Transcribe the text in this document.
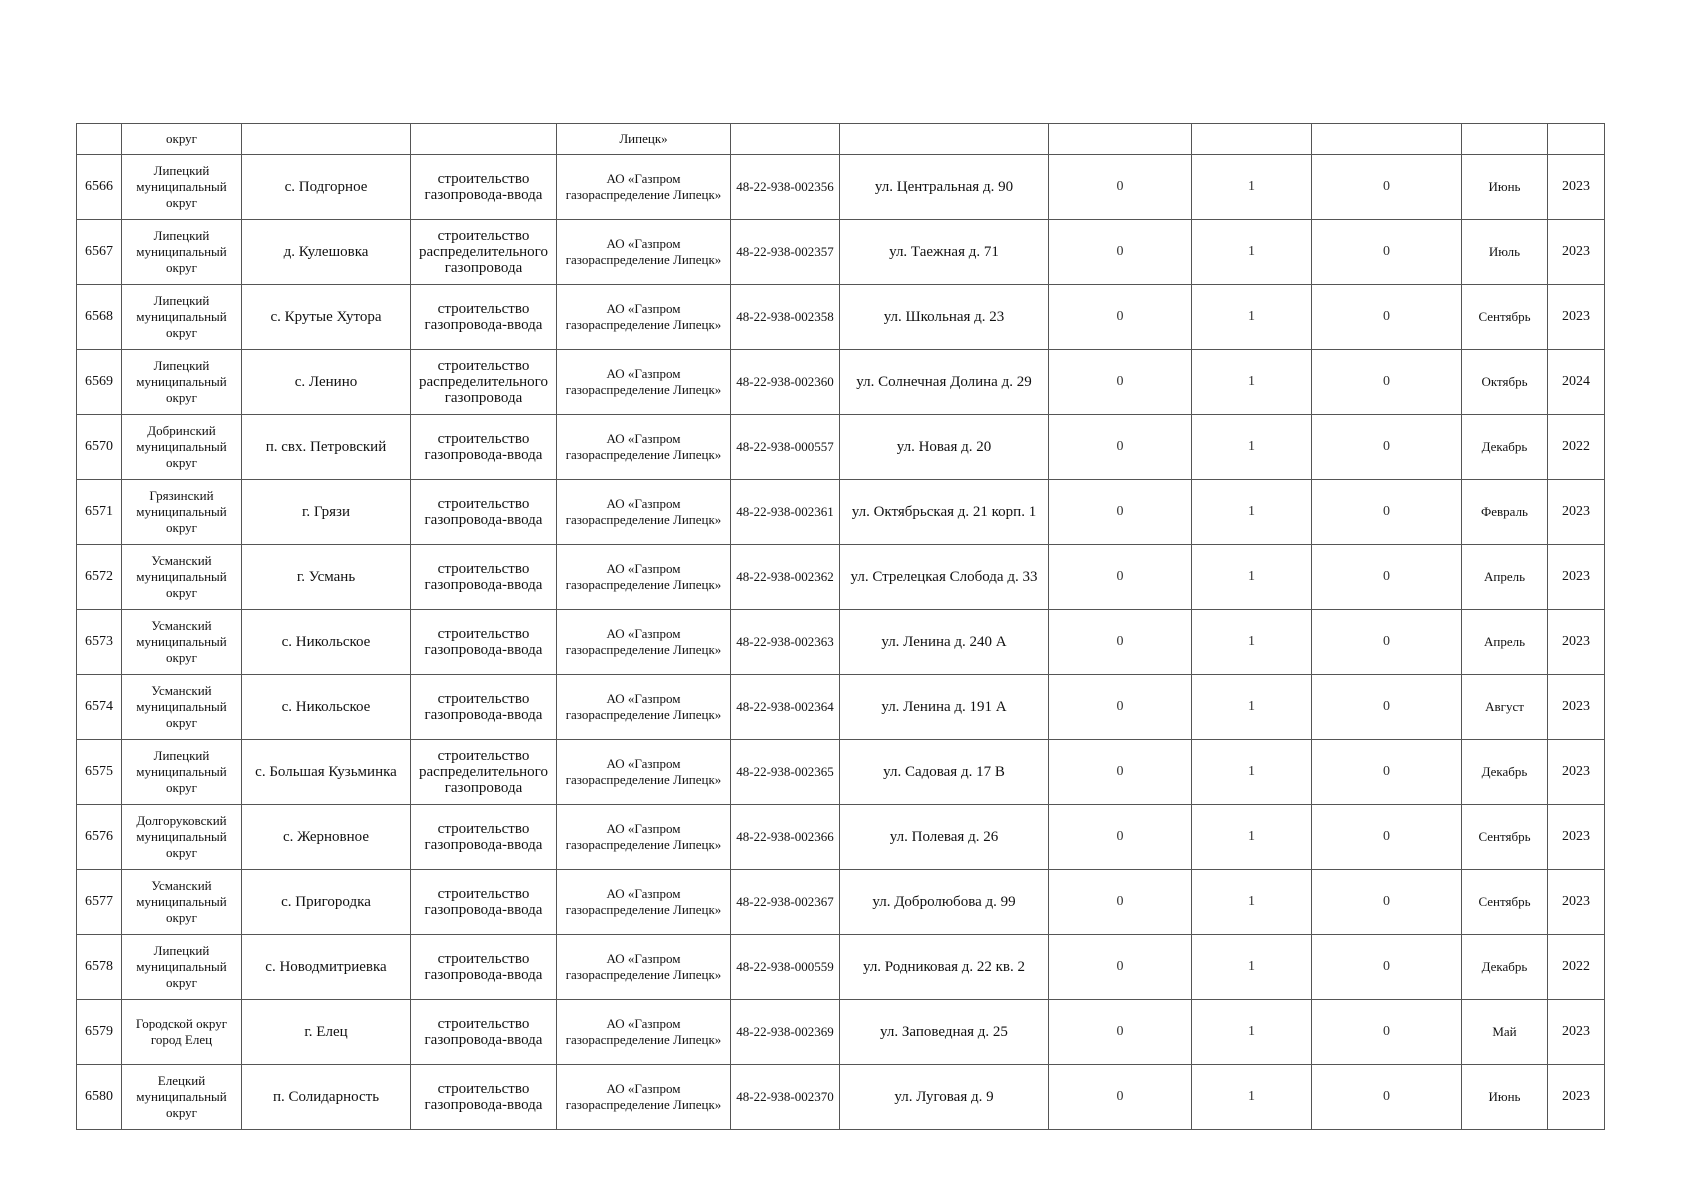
	округ			Липецк»							
6566	Липецкий муниципальный округ	с. Подгорное	строительство газопровода-ввода	АО «Газпром газораспределение Липецк»	48-22-938-002356	ул. Центральная д. 90	0	1	0	Июнь	2023
6567	Липецкий муниципальный округ	д. Кулешовка	строительство распределительного газопровода	АО «Газпром газораспределение Липецк»	48-22-938-002357	ул. Таежная д. 71	0	1	0	Июль	2023
6568	Липецкий муниципальный округ	с. Крутые Хутора	строительство газопровода-ввода	АО «Газпром газораспределение Липецк»	48-22-938-002358	ул. Школьная д. 23	0	1	0	Сентябрь	2023
6569	Липецкий муниципальный округ	с. Ленино	строительство распределительного газопровода	АО «Газпром газораспределение Липецк»	48-22-938-002360	ул. Солнечная Долина д. 29	0	1	0	Октябрь	2024
6570	Добринский муниципальный округ	п. свх. Петровский	строительство газопровода-ввода	АО «Газпром газораспределение Липецк»	48-22-938-000557	ул. Новая д. 20	0	1	0	Декабрь	2022
6571	Грязинский муниципальный округ	г. Грязи	строительство газопровода-ввода	АО «Газпром газораспределение Липецк»	48-22-938-002361	ул. Октябрьская д. 21 корп. 1	0	1	0	Февраль	2023
6572	Усманский муниципальный округ	г. Усмань	строительство газопровода-ввода	АО «Газпром газораспределение Липецк»	48-22-938-002362	ул. Стрелецкая Слобода д. 33	0	1	0	Апрель	2023
6573	Усманский муниципальный округ	с. Никольское	строительство газопровода-ввода	АО «Газпром газораспределение Липецк»	48-22-938-002363	ул. Ленина д. 240 А	0	1	0	Апрель	2023
6574	Усманский муниципальный округ	с. Никольское	строительство газопровода-ввода	АО «Газпром газораспределение Липецк»	48-22-938-002364	ул. Ленина д. 191 А	0	1	0	Август	2023
6575	Липецкий муниципальный округ	с. Большая Кузьминка	строительство распределительного газопровода	АО «Газпром газораспределение Липецк»	48-22-938-002365	ул. Садовая д. 17 В	0	1	0	Декабрь	2023
6576	Долгоруковский муниципальный округ	с. Жерновное	строительство газопровода-ввода	АО «Газпром газораспределение Липецк»	48-22-938-002366	ул. Полевая д. 26	0	1	0	Сентябрь	2023
6577	Усманский муниципальный округ	с. Пригородка	строительство газопровода-ввода	АО «Газпром газораспределение Липецк»	48-22-938-002367	ул. Добролюбова д. 99	0	1	0	Сентябрь	2023
6578	Липецкий муниципальный округ	с. Новодмитриевка	строительство газопровода-ввода	АО «Газпром газораспределение Липецк»	48-22-938-000559	ул. Родниковая д. 22 кв. 2	0	1	0	Декабрь	2022
6579	Городской округ город Елец	г. Елец	строительство газопровода-ввода	АО «Газпром газораспределение Липецк»	48-22-938-002369	ул. Заповедная д. 25	0	1	0	Май	2023
6580	Елецкий муниципальный округ	п. Солидарность	строительство газопровода-ввода	АО «Газпром газораспределение Липецк»	48-22-938-002370	ул. Луговая д. 9	0	1	0	Июнь	2023
